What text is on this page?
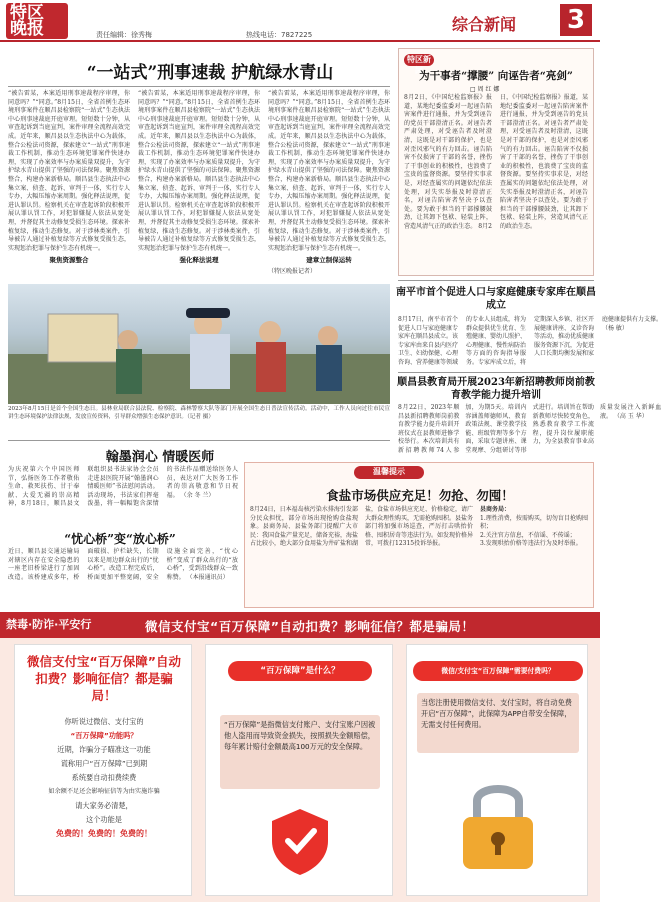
特区 晚报	责任编辑：徐秀梅	热线电话：7827225
综合新闻 3
“一站式”刑事速裁 护航绿水青山
“被告雷某，本案适用刑事速裁程序审理，你同意吗？”“同意。”8月15日，全省首例生态环境刑事案件在顺昌县检察院“一站式”生态执法中心刑事速裁庭开庭审理。短短数十分钟，从审查起诉到当庭宣判，案件审理全流程高效完成。近年来，顺昌县以生态执法中心为载体，整合公检法司资源，探索建立“一站式”刑事速裁工作机制，推动生态环境犯罪案件快速办理，实现了办案效率与办案质量双提升，为守护绿水青山提供了坚强的司法保障。聚焦资源整合，构建办案新格局。顺昌县生态执法中心集立案、侦查、起诉、审判于一体，实行专人专办，大幅压缩办案周期。强化释法说理，促进认罪认罚。检察机关在审查起诉阶段积极开展认罪认罚工作，对犯罪嫌疑人依法从宽处理，并督促其主动修复受损生态环境。探索补植复绿，推动生态修复。对于涉林类案件，引导被告人通过补植复绿等方式修复受损生态，实现惩治犯罪与保护生态有机统一。
聚焦资源整合
“被告雷某，本案适用刑事速裁程序审理，你同意吗？”“同意。”8月15日，全省首例生态环境刑事案件在顺昌县检察院“一站式”生态执法中心刑事速裁庭开庭审理。短短数十分钟，从审查起诉到当庭宣判，案件审理全流程高效完成。近年来，顺昌县以生态执法中心为载体，整合公检法司资源，探索建立“一站式”刑事速裁工作机制，推动生态环境犯罪案件快速办理，实现了办案效率与办案质量双提升，为守护绿水青山提供了坚强的司法保障。聚焦资源整合，构建办案新格局。顺昌县生态执法中心集立案、侦查、起诉、审判于一体，实行专人专办，大幅压缩办案周期。强化释法说理，促进认罪认罚。检察机关在审查起诉阶段积极开展认罪认罚工作，对犯罪嫌疑人依法从宽处理，并督促其主动修复受损生态环境。探索补植复绿，推动生态修复。对于涉林类案件，引导被告人通过补植复绿等方式修复受损生态，实现惩治犯罪与保护生态有机统一。
强化释法说理
“被告雷某，本案适用刑事速裁程序审理，你同意吗？”“同意。”8月15日，全省首例生态环境刑事案件在顺昌县检察院“一站式”生态执法中心刑事速裁庭开庭审理。短短数十分钟，从审查起诉到当庭宣判，案件审理全流程高效完成。近年来，顺昌县以生态执法中心为载体，整合公检法司资源，探索建立“一站式”刑事速裁工作机制，推动生态环境犯罪案件快速办理，实现了办案效率与办案质量双提升，为守护绿水青山提供了坚强的司法保障。聚焦资源整合，构建办案新格局。顺昌县生态执法中心集立案、侦查、起诉、审判于一体，实行专人专办，大幅压缩办案周期。强化释法说理，促进认罪认罚。检察机关在审查起诉阶段积极开展认罪认罚工作，对犯罪嫌疑人依法从宽处理，并督促其主动修复受损生态环境。探索补植复绿，推动生态修复。对于涉林类案件，引导被告人通过补植复绿等方式修复受损生态，实现惩治犯罪与保护生态有机统一。
建章立制保运转
（特区晚报记者）
特区新闻
为干事者“撑腰” 向诬告者“亮剑”
□ 周 红 娜
8月2日，《中国纪检监察报》报道，某地纪委监委对一起诬告陷害案件进行通报，并为受到诬告的党员干部澄清正名。对诬告者严肃处理，对受诬告者及时澄清，这既是对干部的保护，也是对歪风邪气的有力回击。诬告陷害不仅损害了干部的名誉，挫伤了干事创业的积极性，也浪费了宝贵的监督资源。要坚持实事求是，对经查属实的问题依纪依法处理，对失实举报及时澄清正名，对诬告陷害者坚决予以查处。要为敢于担当的干部撑腰鼓劲，让其卸下包袱、轻装上阵，营造风清气正的政治生态。 8月2日，《中国纪检监察报》报道，某地纪委监委对一起诬告陷害案件进行通报，并为受到诬告的党员干部澄清正名。对诬告者严肃处理，对受诬告者及时澄清，这既是对干部的保护，也是对歪风邪气的有力回击。诬告陷害不仅损害了干部的名誉，挫伤了干事创业的积极性，也浪费了宝贵的监督资源。要坚持实事求是，对经查属实的问题依纪依法处理，对失实举报及时澄清正名，对诬告陷害者坚决予以查处。要为敢于担当的干部撑腰鼓劲，让其卸下包袱、轻装上阵，营造风清气正的政治生态。
2023年8月15日是首个全国生态日。县林业局联合县法院、检察院、森林警察大队等部门开展全国生态日普法宣传活动。活动中，工作人员向过往市民宣讲生态环境保护法律法规，发放宣传资料，引导群众增强生态保护意识。（记者 摄）
南平市首个促进人口与家庭健康专家库在顺昌成立
8月17日，南平市首个促进人口与家庭健康专家库在顺昌县成立。该专家库由来自县内医疗卫生、妇幼保健、心理咨询、营养健康等领域的专业人员组成，将为群众提供优生优育、生殖健康、婴幼儿照护、心理健康、慢性病防治等方面的咨询指导服务。专家库成立后，将定期深入乡镇、社区开展健康讲座、义诊咨询等活动，推动优质健康服务资源下沉，为促进人口长期均衡发展和家庭健康提供有力支撑。 （杨 敏）
顺昌县教育局开展2023年新招聘教师岗前教育教学能力提升培训
8月22日，2023年顺昌县新招聘教师岗前教育教学能力提升培训开班仪式在县教师进修学校举行。本次培训共有新招聘教师74人参加，为期5天。培训内容涵盖师德师风、教育政策法规、课堂教学技能、班级管理等多个方面，采取专题讲座、课堂观摩、分组研讨等形式进行。培训旨在帮助新教师尽快转变角色，熟悉教育教学工作流程，提升岗位履职能力，为全县教育事业高质量发展注入新鲜血液。 （高 玉 华）
翰墨润心 情暖医师
为庆祝第六个中国医师节，弘扬医务工作者敬佑生命、救死扶伤、甘于奉献、大爱无疆的崇高精神，8月18日，顺昌县文联组织县书法家协会会员走进县医院开展“翰墨润心 情暖医师”书法慰问活动。活动现场，书法家们挥毫泼墨，将一幅幅饱含深情的书法作品赠送给医务人员，表达对广大医务工作者的崇高敬意和节日祝福。 （余 冬 兰）
“忧心桥”变“放心桥”
近日，顺昌县交通运输局对辖区内存在安全隐患的一座老旧桥梁进行了加固改造。该桥建成多年，桥面破损、护栏缺失，长期以来是周边群众出行的“忧心桥”。改造工程完成后，桥面更加平整宽阔，安全设施全面完善，“忧心桥”变成了群众出行的“放心桥”，受到沿线群众一致称赞。 （本报通讯员）
温馨提示
食盐市场供应充足！勿抢、勿囤！
8月24日，日本福岛核污染水排海引发部分民众担忧，部分市场出现抢购食盐现象。县商务局、县盐务部门提醒广大市民：我国食盐产量充足，储备充裕，海盐占比较小，绝大部分食用盐为井矿盐和湖盐，食盐市场供应充足、价格稳定，请广大群众理性购买，无需抢购囤积。县盐务部门将加强市场巡查，严厉打击哄抬价格、囤积居奇等违法行为。如发现价格异常，可拨打12315投诉举报。
县商务局：
1.理性消费，按需购买，切勿盲目抢购囤积；
2.关注官方信息，不信谣、不传谣；
3.发现哄抬价格等违法行为及时举报。
禁毒·防诈·平安行	微信支付宝“百万保障”自动扣费？影响征信？都是骗局！
微信支付宝“百万保障”自动扣费？影响征信？都是骗局！
你听说过微信、支付宝的
“百万保障”功能吗？
近期，诈骗分子瞄准这一功能
谎称用户“百万保障”已到期
系统要自动扣费续费
如余额不足还会影响征信等为由实施诈骗
请大家务必清楚，
这个功能是
免费的！免费的！免费的！
“百万保障”是什么？
“百万保障”是指微信支付账户、支付宝账户因被他人盗用而导致资金损失，按照损失金额赔偿，每年累计赔付金额最高100万元的安全保障。
微信/支付宝“百万保障”需要付费吗？
当您注册使用微信支付、支付宝时，将自动免费开启“百万保障”，此保障为APP自带安全保障，无需支付任何费用。
